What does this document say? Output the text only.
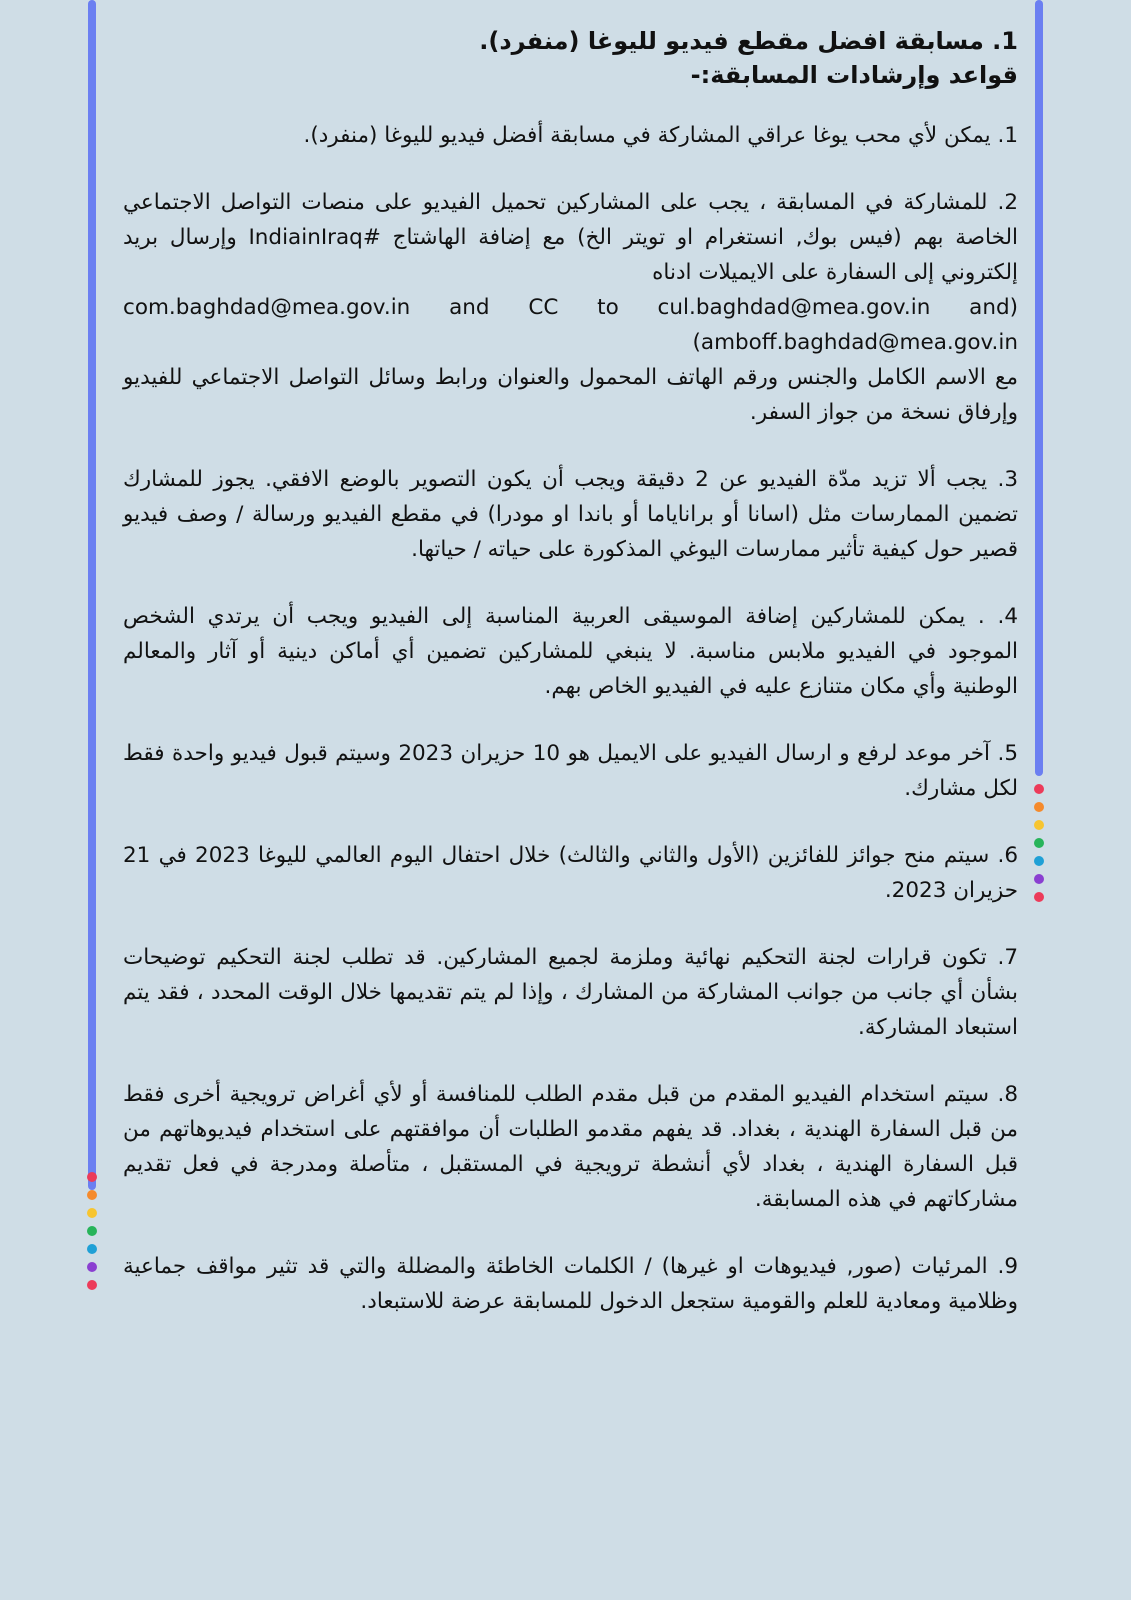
1. مسابقة افضل مقطع فيديو لليوغا (منفرد).

قواعد وإرشادات المسابقة:-

1. يمكن لأي محب يوغا عراقي المشاركة في مسابقة أفضل فيديو لليوغا (منفرد).

2. للمشاركة في المسابقة ، يجب على المشاركين تحميل الفيديو على منصات التواصل الاجتماعي الخاصة بهم (فيس بوك, انستغرام او تويتر الخ) مع إضافة الهاشتاج #IndiainIraq وإرسال بريد إلكتروني إلى السفارة على الايميلات ادناه

com.baghdad@mea.gov.in and CC to cul.baghdad@mea.gov.in and)

(amboff.baghdad@mea.gov.in

مع الاسم الكامل والجنس ورقم الهاتف المحمول والعنوان ورابط وسائل التواصل الاجتماعي للفيديو وإرفاق نسخة من جواز السفر.

3. يجب ألا تزيد مدّة الفيديو عن 2 دقيقة ويجب أن يكون التصوير بالوضع الافقي. يجوز للمشارك تضمين الممارسات مثل (اسانا أو براناياما أو باندا او مودرا) في مقطع الفيديو ورسالة / وصف فيديو قصير حول كيفية تأثير ممارسات اليوغي المذكورة على حياته / حياتها.

4. . يمكن للمشاركين إضافة الموسيقى العربية المناسبة إلى الفيديو ويجب أن يرتدي الشخص الموجود في الفيديو ملابس مناسبة. لا ينبغي للمشاركين تضمين أي أماكن دينية أو آثار والمعالم الوطنية وأي مكان متنازع عليه في الفيديو الخاص بهم.

5. آخر موعد لرفع و ارسال الفيديو على الايميل هو 10 حزيران 2023 وسيتم قبول فيديو واحدة فقط لكل مشارك.

6. سيتم منح جوائز للفائزين (الأول والثاني والثالث) خلال احتفال اليوم العالمي لليوغا 2023 في 21 حزيران 2023.

7. تكون قرارات لجنة التحكيم نهائية وملزمة لجميع المشاركين. قد تطلب لجنة التحكيم توضيحات بشأن أي جانب من جوانب المشاركة من المشارك ، وإذا لم يتم تقديمها خلال الوقت المحدد ، فقد يتم استبعاد المشاركة.

8. سيتم استخدام الفيديو المقدم من قبل مقدم الطلب للمنافسة أو لأي أغراض ترويجية أخرى فقط من قبل السفارة الهندية ، بغداد. قد يفهم مقدمو الطلبات أن موافقتهم على استخدام فيديوهاتهم من قبل السفارة الهندية ، بغداد لأي أنشطة ترويجية في المستقبل ، متأصلة ومدرجة في فعل تقديم مشاركاتهم في هذه المسابقة.

9. المرئيات (صور, فيديوهات او غيرها) / الكلمات الخاطئة والمضللة والتي قد تثير مواقف جماعية وظلامية ومعادية للعلم والقومية ستجعل الدخول للمسابقة عرضة للاستبعاد.
